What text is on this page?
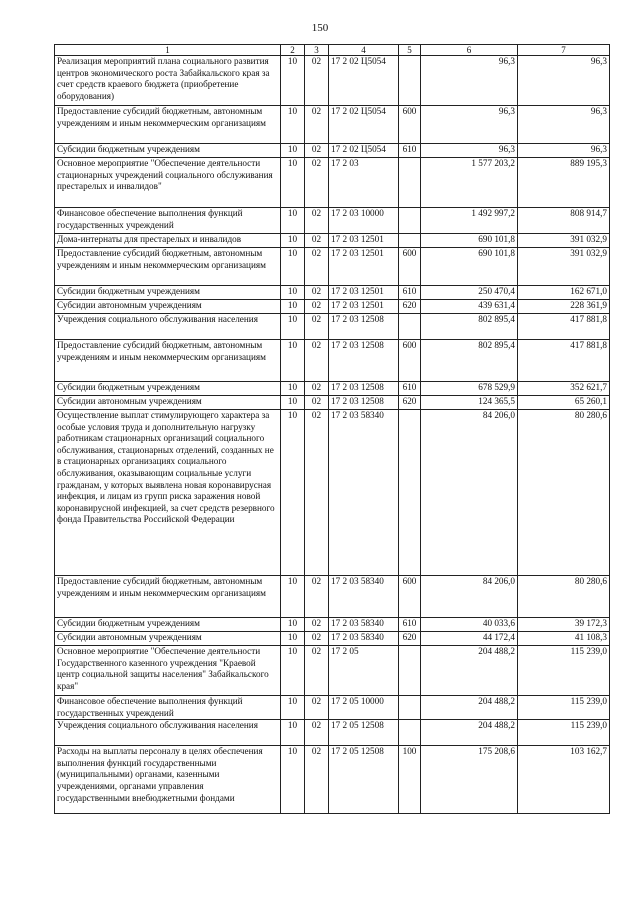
150
1	2	3	4	5	6	7
Реализация мероприятий плана социального развития центров экономического роста Забайкальского края за счет средств краевого бюджета (приобретение оборудования)	10	02	17 2 02 Ц5054		96,3	96,3
Предоставление субсидий бюджетным, автономным учреждениям и иным некоммерческим организациям	10	02	17 2 02 Ц5054	600	96,3	96,3
Субсидии бюджетным учреждениям	10	02	17 2 02 Ц5054	610	96,3	96,3
Основное мероприятие "Обеспечение деятельности стационарных учреждений социального обслуживания престарелых и инвалидов"	10	02	17 2 03		1 577 203,2	889 195,3
Финансовое обеспечение выполнения функций государственных учреждений	10	02	17 2 03 10000		1 492 997,2	808 914,7
Дома-интернаты для престарелых и инвалидов	10	02	17 2 03 12501		690 101,8	391 032,9
Предоставление субсидий бюджетным, автономным учреждениям и иным некоммерческим организациям	10	02	17 2 03 12501	600	690 101,8	391 032,9
Субсидии бюджетным учреждениям	10	02	17 2 03 12501	610	250 470,4	162 671,0
Субсидии автономным учреждениям	10	02	17 2 03 12501	620	439 631,4	228 361,9
Учреждения социального обслуживания населения	10	02	17 2 03 12508		802 895,4	417 881,8
Предоставление субсидий бюджетным, автономным учреждениям и иным некоммерческим организациям	10	02	17 2 03 12508	600	802 895,4	417 881,8
Субсидии бюджетным учреждениям	10	02	17 2 03 12508	610	678 529,9	352 621,7
Субсидии автономным учреждениям	10	02	17 2 03 12508	620	124 365,5	65 260,1
Осуществление выплат стимулирующего характера за особые условия труда и дополнительную нагрузку работникам стационарных организаций социального обслуживания, стационарных отделений, созданных не в стационарных организациях социального обслуживания, оказывающим социальные услуги гражданам, у которых выявлена новая коронавирусная инфекция, и лицам из групп риска заражения новой коронавирусной инфекцией, за счет средств резервного фонда Правительства Российской Федерации	10	02	17 2 03 58340		84 206,0	80 280,6
Предоставление субсидий бюджетным, автономным учреждениям и иным некоммерческим организациям	10	02	17 2 03 58340	600	84 206,0	80 280,6
Субсидии бюджетным учреждениям	10	02	17 2 03 58340	610	40 033,6	39 172,3
Субсидии автономным учреждениям	10	02	17 2 03 58340	620	44 172,4	41 108,3
Основное мероприятие "Обеспечение деятельности Государственного казенного учреждения "Краевой центр социальной защиты населения" Забайкальского края"	10	02	17 2 05		204 488,2	115 239,0
Финансовое обеспечение выполнения функций государственных учреждений	10	02	17 2 05 10000		204 488,2	115 239,0
Учреждения социального обслуживания населения	10	02	17 2 05 12508		204 488,2	115 239,0
Расходы на выплаты персоналу в целях обеспечения выполнения функций государственными (муниципальными) органами, казенными учреждениями, органами управления государственными внебюджетными фондами	10	02	17 2 05 12508	100	175 208,6	103 162,7
